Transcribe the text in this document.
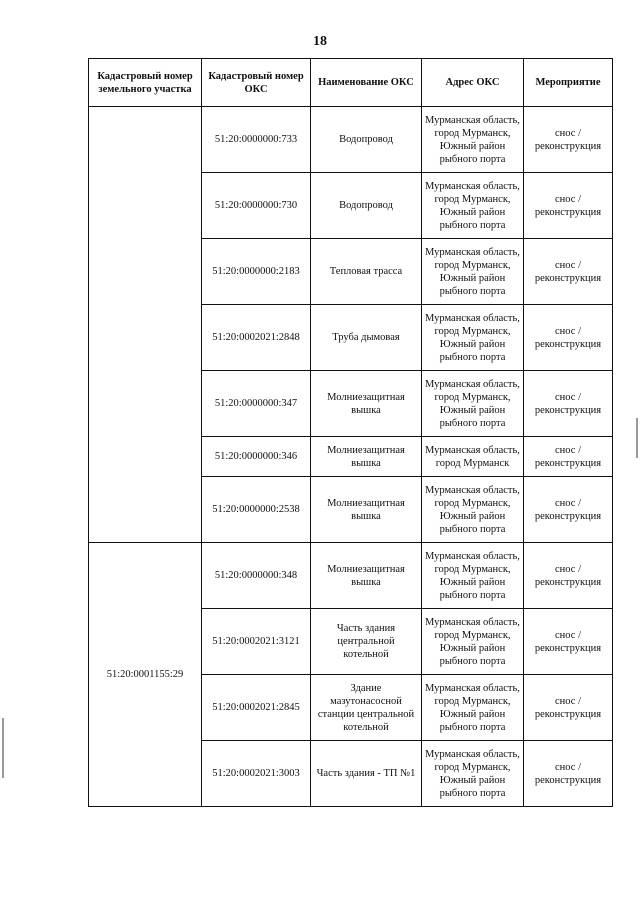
18
Кадастровый номер земельного участка	Кадастровый номер ОКС	Наименование ОКС	Адрес ОКС	Мероприятие
	51:20:0000000:733	Водопровод	Мурманская область, город Мурманск, Южный район рыбного порта	снос / реконструкция
	51:20:0000000:730	Водопровод	Мурманская область, город Мурманск, Южный район рыбного порта	снос / реконструкция
	51:20:0000000:2183	Тепловая трасса	Мурманская область, город Мурманск, Южный район рыбного порта	снос / реконструкция
	51:20:0002021:2848	Труба дымовая	Мурманская область, город Мурманск, Южный район рыбного порта	снос / реконструкция
	51:20:0000000:347	Молниезащитная вышка	Мурманская область, город Мурманск, Южный район рыбного порта	снос / реконструкция
	51:20:0000000:346	Молниезащитная вышка	Мурманская область, город Мурманск	снос / реконструкция
	51:20:0000000:2538	Молниезащитная вышка	Мурманская область, город Мурманск, Южный район рыбного порта	снос / реконструкция
51:20:0001155:29	51:20:0000000:348	Молниезащитная вышка	Мурманская область, город Мурманск, Южный район рыбного порта	снос / реконструкция
	51:20:0002021:3121	Часть здания центральной котельной	Мурманская область, город Мурманск, Южный район рыбного порта	снос / реконструкция
	51:20:0002021:2845	Здание мазутонасосной станции центральной котельной	Мурманская область, город Мурманск, Южный район рыбного порта	снос / реконструкция
	51:20:0002021:3003	Часть здания - ТП №1	Мурманская область, город Мурманск, Южный район рыбного порта	снос / реконструкция
